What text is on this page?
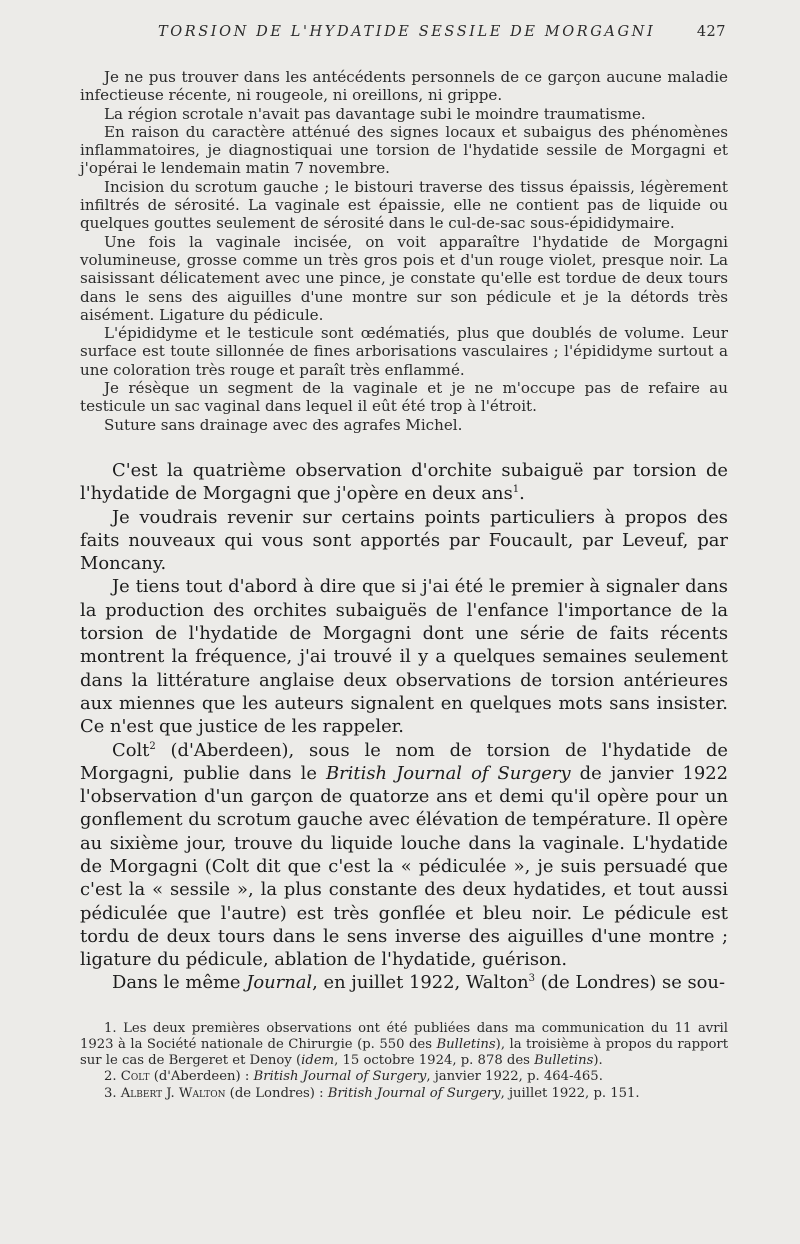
TORSION DE L'HYDATIDE SESSILE DE MORGAGNI	427

Je ne pus trouver dans les antécédents personnels de ce garçon aucune maladie infectieuse récente, ni rougeole, ni oreillons, ni grippe.

La région scrotale n'avait pas davantage subi le moindre traumatisme.

En raison du caractère atténué des signes locaux et subaigus des phénomènes inflammatoires, je diagnostiquai une torsion de l'hydatide sessile de Morgagni et j'opérai le lendemain matin 7 novembre.

Incision du scrotum gauche ; le bistouri traverse des tissus épaissis, légèrement infiltrés de sérosité. La vaginale est épaissie, elle ne contient pas de liquide ou quelques gouttes seulement de sérosité dans le cul-de-sac sous-épididymaire.

Une fois la vaginale incisée, on voit apparaître l'hydatide de Morgagni volumineuse, grosse comme un très gros pois et d'un rouge violet, presque noir. La saisissant délicatement avec une pince, je constate qu'elle est tordue de deux tours dans le sens des aiguilles d'une montre sur son pédicule et je la détords très aisément. Ligature du pédicule.

L'épididyme et le testicule sont œdématiés, plus que doublés de volume. Leur surface est toute sillonnée de fines arborisations vasculaires ; l'épididyme surtout a une coloration très rouge et paraît très enflammé.

Je résèque un segment de la vaginale et je ne m'occupe pas de refaire au testicule un sac vaginal dans lequel il eût été trop à l'étroit.

Suture sans drainage avec des agrafes Michel.

C'est la quatrième observation d'orchite subaiguë par torsion de l'hydatide de Morgagni que j'opère en deux ans$^1$.

Je voudrais revenir sur certains points particuliers à propos des faits nouveaux qui vous sont apportés par Foucault, par Leveuf, par Moncany.

Je tiens tout d'abord à dire que si j'ai été le premier à signaler dans la production des orchites subaiguës de l'enfance l'importance de la torsion de l'hydatide de Morgagni dont une série de faits récents montrent la fréquence, j'ai trouvé il y a quelques semaines seulement dans la littérature anglaise deux observations de torsion antérieures aux miennes que les auteurs signalent en quelques mots sans insister. Ce n'est que justice de les rappeler.

Colt$^2$ (d'Aberdeen), sous le nom de torsion de l'hydatide de Morgagni, publie dans le British Journal of Surgery de janvier 1922 l'observation d'un garçon de quatorze ans et demi qu'il opère pour un gonflement du scrotum gauche avec élévation de température. Il opère au sixième jour, trouve du liquide louche dans la vaginale. L'hydatide de Morgagni (Colt dit que c'est la « pédiculée », je suis persuadé que c'est la « sessile », la plus constante des deux hydatides, et tout aussi pédiculée que l'autre) est très gonflée et bleu noir. Le pédicule est tordu de deux tours dans le sens inverse des aiguilles d'une montre ; ligature du pédicule, ablation de l'hydatide, guérison.

Dans le même Journal, en juillet 1922, Walton$^3$ (de Londres) se sou-

1. Les deux premières observations ont été publiées dans ma communication du 11 avril 1923 à la Société nationale de Chirurgie (p. 550 des Bulletins), la troisième à propos du rapport sur le cas de Bergeret et Denoy (idem, 15 octobre 1924, p. 878 des Bulletins).

2. Colt (d'Aberdeen) : British Journal of Surgery, janvier 1922, p. 464-465.

3. Albert J. Walton (de Londres) : British Journal of Surgery, juillet 1922, p. 151.
